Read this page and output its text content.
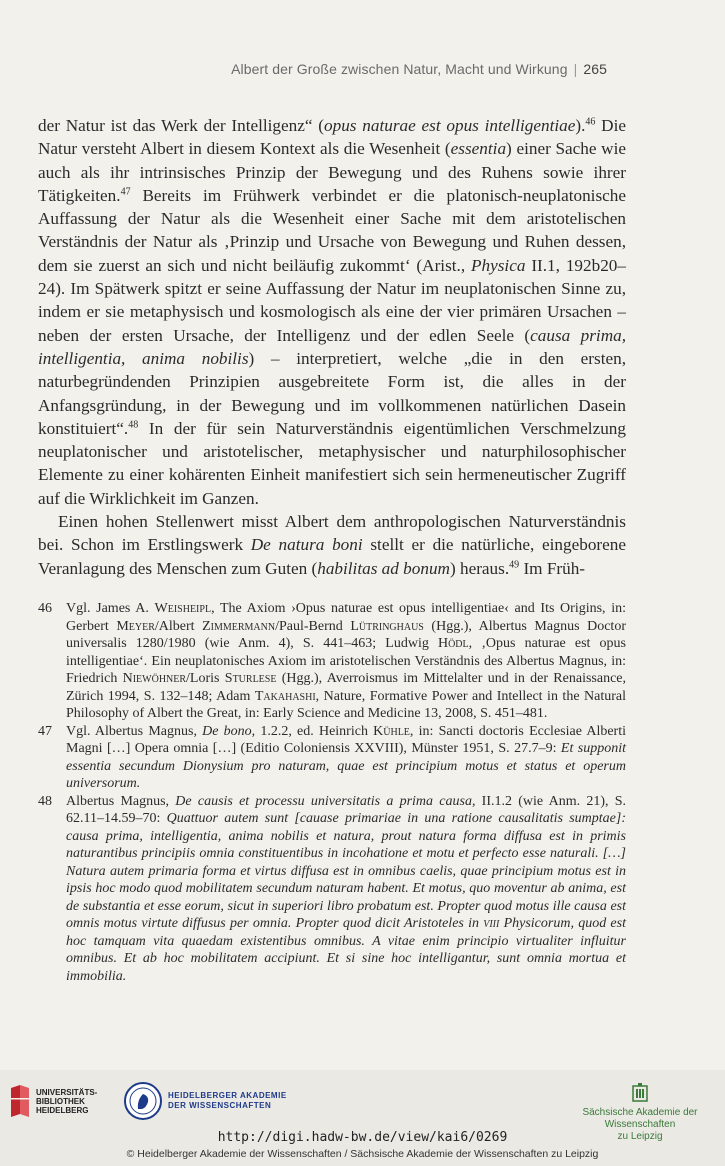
Albert der Große zwischen Natur, Macht und Wirkung | 265

der Natur ist das Werk der Intelligenz“ (opus naturae est opus intelligentiae).$^{46}$ Die Natur versteht Albert in diesem Kontext als die Wesenheit (essentia) einer Sache wie auch als ihr intrinsisches Prinzip der Bewegung und des Ruhens sowie ihrer Tätigkeiten.$^{47}$ Bereits im Frühwerk verbindet er die platonisch-neuplatonische Auffassung der Natur als die Wesenheit einer Sache mit dem aristotelischen Verständnis der Natur als ‚Prinzip und Ursache von Bewegung und Ruhen dessen, dem sie zuerst an sich und nicht beiläufig zukommt‘ (Arist., Physica II.1, 192b20–24). Im Spätwerk spitzt er seine Auffassung der Natur im neuplatonischen Sinne zu, indem er sie metaphysisch und kosmologisch als eine der vier primären Ursachen – neben der ersten Ursache, der Intelligenz und der edlen Seele (causa prima, intelligentia, anima nobilis) – interpretiert, welche „die in den ersten, naturbegründenden Prinzipien ausgebreitete Form ist, die alles in der Anfangsgründung, in der Bewegung und im vollkommenen natürlichen Dasein konstituiert“.$^{48}$ In der für sein Naturverständnis eigentümlichen Verschmelzung neuplatonischer und aristotelischer, metaphysischer und naturphilosophischer Elemente zu einer kohärenten Einheit manifestiert sich sein hermeneutischer Zugriff auf die Wirklichkeit im Ganzen.

Einen hohen Stellenwert misst Albert dem anthropologischen Naturverständnis bei. Schon im Erstlingswerk De natura boni stellt er die natürliche, eingeborene Veranlagung des Menschen zum Guten (habilitas ad bonum) heraus.$^{49}$ Im Früh-

46	Vgl. James A. Weisheipl, The Axiom ›Opus naturae est opus intelligentiae‹ and Its Origins, in: Gerbert Meyer/Albert Zimmermann/Paul-Bernd Lütringhaus (Hgg.), Albertus Magnus Doctor universalis 1280/1980 (wie Anm. 4), S. 441–463; Ludwig Hödl, ‚Opus naturae est opus intelligentiae‘. Ein neuplatonisches Axiom im aristotelischen Verständnis des Albertus Magnus, in: Friedrich Niewöhner/Loris Sturlese (Hgg.), Averroismus im Mittelalter und in der Renaissance, Zürich 1994, S. 132–148; Adam Takahashi, Nature, Formative Power and Intellect in the Natural Philosophy of Albert the Great, in: Early Science and Medicine 13, 2008, S. 451–481.
47	Vgl. Albertus Magnus, De bono, 1.2.2, ed. Heinrich Kühle, in: Sancti doctoris Ecclesiae Alberti Magni […] Opera omnia […] (Editio Coloniensis XXVIII), Münster 1951, S. 27.7–9: Et supponit essentia secundum Dionysium pro naturam, quae est principium motus et status et operum universorum.
48	Albertus Magnus, De causis et processu universitatis a prima causa, II.1.2 (wie Anm. 21), S. 62.11–14.59–70: Quattuor autem sunt [cauase primariae in una ratione causalitatis sumptae]: causa prima, intelligentia, anima nobilis et natura, prout natura forma diffusa est in primis naturantibus principiis omnia constituentibus in incohatione et motu et perfecto esse naturali. […] Natura autem primaria forma et virtus diffusa est in omnibus caelis, quae principium motus est in ipsis hoc modo quod mobilitatem secundum naturam habent. Et motus, quo moventur ab anima, est de substantia et esse eorum, sicut in superiori libro probatum est. Propter quod motus ille causa est omnis motus virtute diffusus per omnia. Propter quod dicit Aristoteles in viii Physicorum, quod est hoc tamquam vita quaedam existentibus omnibus. A vitae enim principio virtualiter influitur omnibus. Et ab hoc mobilitatem accipiunt. Et si sine hoc intelligantur, sunt omnia mortua et immobilia.
UNIVERSITÄTS-
BIBLIOTHEK
HEIDELBERG
HEIDELBERGER AKADEMIE
DER WISSENSCHAFTEN
Sächsische Akademie der Wissenschaften
zu Leipzig
http://digi.hadw-bw.de/view/kai6/0269
© Heidelberger Akademie der Wissenschaften / Sächsische Akademie der Wissenschaften zu Leipzig
